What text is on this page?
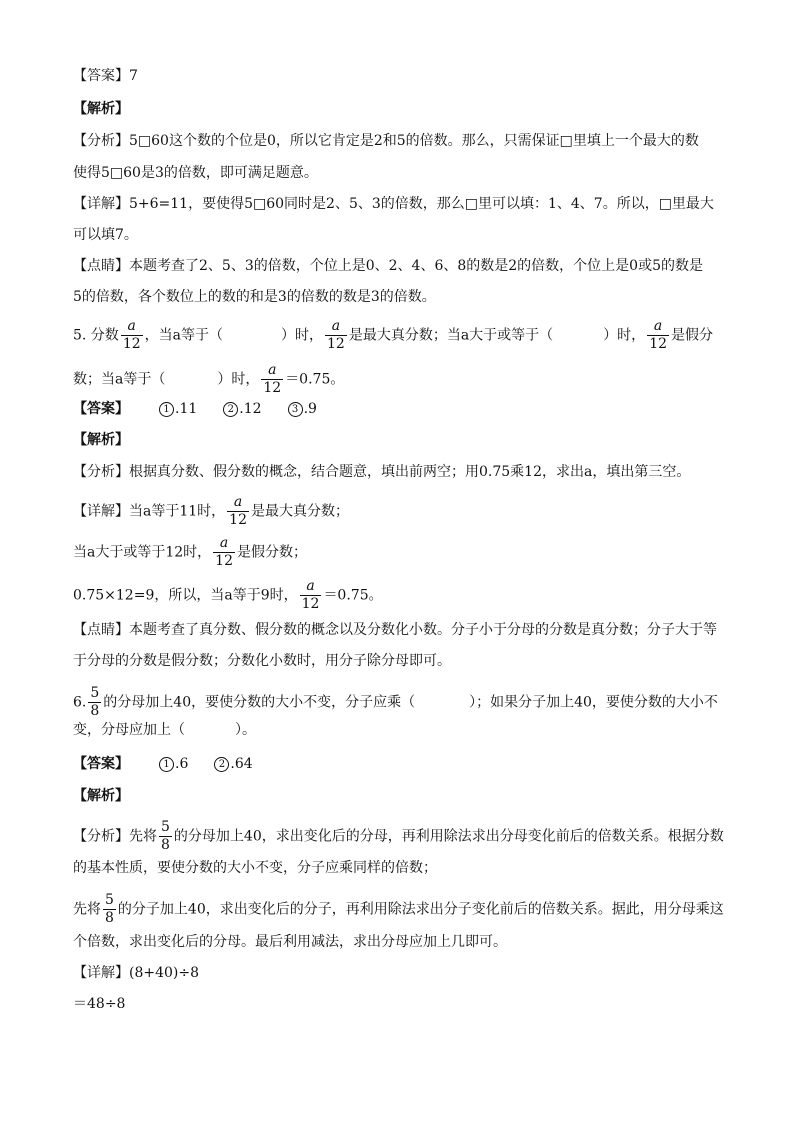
【答案】7
【解析】
【分析】5□60这个数的个位是0，所以它肯定是2和5的倍数。那么，只需保证□里填上一个最大的数
使得5□60是3的倍数，即可满足题意。
【详解】5+6=11，要使得5□60同时是2、5、3的倍数，那么□里可以填：1、4、7。所以，□里最大
可以填7。
【点睛】本题考查了2、5、3的倍数，个位上是0、2、4、6、8的数是2的倍数，个位上是0或5的数是
5的倍数，各个数位上的数的和是3的倍数的数是3的倍数。
5. 分数 $\frac{a}{12}$ ，当a等于（	）时， $\frac{a}{12}$ 是最大真分数；当a大于或等于（	）时， $\frac{a}{12}$ 是假分
数；当a等于（	）时， $\frac{a}{12} =0.75$。
【答案】	1 .11	2 .12	3 .9
【解析】
【分析】根据真分数、假分数的概念，结合题意，填出前两空；用0.75乘12，求出a，填出第三空。
【详解】当a等于11时， $\frac{a}{12}$ 是最大真分数；
当a大于或等于12时， $\frac{a}{12}$ 是假分数；
0.75×12=9，所以，当a等于9时， $\frac{a}{12} =0.75$。
【点睛】本题考查了真分数、假分数的概念以及分数化小数。分子小于分母的分数是真分数；分子大于等
于分母的分数是假分数；分数化小数时，用分子除分母即可。
6. $\frac{5}{8}$ 的分母加上40，要使分数的大小不变，分子应乘（	）；如果分子加上40，要使分数的大小不
变，分母应加上（	）。
【答案】	1 .6	2 .64
【解析】
【分析】先将 $\frac{5}{8}$ 的分母加上40，求出变化后的分母，再利用除法求出分母变化前后的倍数关系。根据分数
的基本性质，要使分数的大小不变，分子应乘同样的倍数；
先将 $\frac{5}{8}$ 的分子加上40，求出变化后的分子，再利用除法求出分子变化前后的倍数关系。据此，用分母乘这
个倍数，求出变化后的分母。最后利用减法，求出分母应加上几即可。
【详解】(8+40)÷8
＝48÷8
